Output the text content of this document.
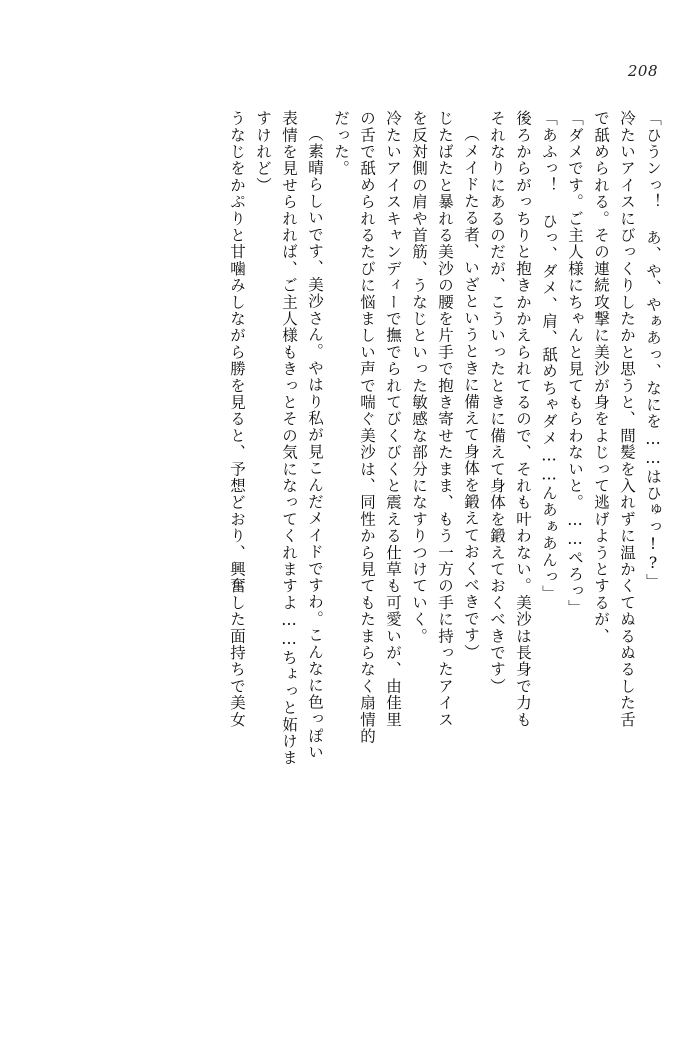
208
「ひうンっ！ あ、や、やぁあっ、なにを……はひゅっ!?」
冷たいアイスにびっくりしたかと思うと、間髪を入れずに温かくてぬるぬるした舌
で舐められる。その連続攻撃に美沙が身をよじって逃げようとするが、
「ダメです。ご主人様にちゃんと見てもらわないと。……ぺろっ」
「あふっ！ ひっ、ダメ、肩、舐めちゃダメ……んあぁあんっ」
後ろからがっちりと抱きかかえられてるので、それも叶わない。美沙は長身で力も
それなりにあるのだが、こういったときに備えて身体を鍛えておくべきです）
（メイドたる者、いざというときに備えて身体を鍛えておくべきです）
じたばたと暴れる美沙の腰を片手で抱き寄せたまま、もう一方の手に持ったアイス
を反対側の肩や首筋、うなじといった敏感な部分になすりつけていく。
冷たいアイスキャンディーで撫でられてびくびくと震える仕草も可愛いが、由佳里
の舌で舐められるたびに悩ましい声で喘ぐ美沙は、同性から見てもたまらなく扇情的
だった。
（素晴らしいです、美沙さん。やはり私が見こんだメイドですわ。こんなに色っぽい
表情を見せられれば、ご主人様もきっとその気になってくれますよ……ちょっと妬けま
すけれど）
うなじをかぷりと甘噛みしながら勝を見ると、予想どおり、興奮した面持ちで美女
